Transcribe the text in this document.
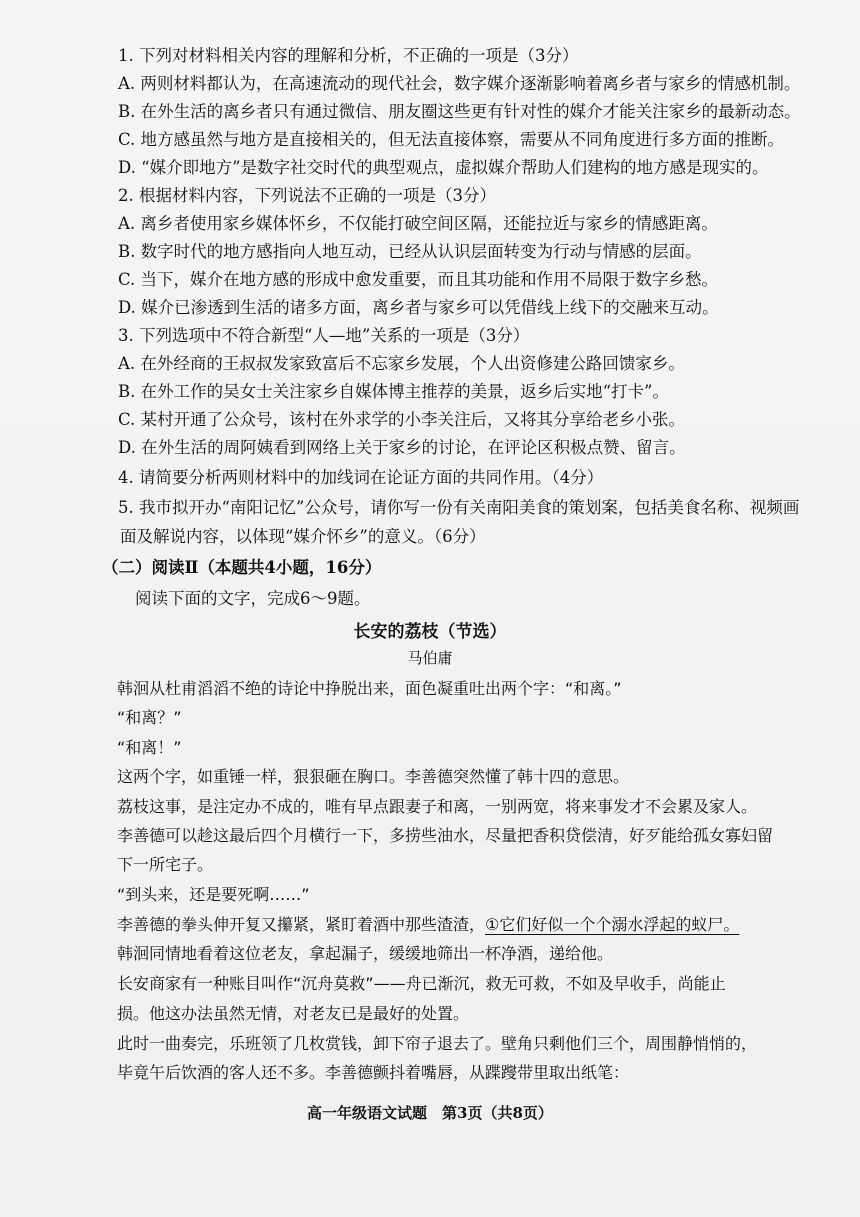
1. 下列对材料相关内容的理解和分析，不正确的一项是（3分）
A. 两则材料都认为，在高速流动的现代社会，数字媒介逐渐影响着离乡者与家乡的情感机制。
B. 在外生活的离乡者只有通过微信、朋友圈这些更有针对性的媒介才能关注家乡的最新动态。
C. 地方感虽然与地方是直接相关的，但无法直接体察，需要从不同角度进行多方面的推断。
D. “媒介即地方”是数字社交时代的典型观点，虚拟媒介帮助人们建构的地方感是现实的。
2. 根据材料内容，下列说法不正确的一项是（3分）
A. 离乡者使用家乡媒体怀乡，不仅能打破空间区隔，还能拉近与家乡的情感距离。
B. 数字时代的地方感指向人地互动，已经从认识层面转变为行动与情感的层面。
C. 当下，媒介在地方感的形成中愈发重要，而且其功能和作用不局限于数字乡愁。
D. 媒介已渗透到生活的诸多方面，离乡者与家乡可以凭借线上线下的交融来互动。
3. 下列选项中不符合新型“人—地”关系的一项是（3分）
A. 在外经商的王叔叔发家致富后不忘家乡发展，个人出资修建公路回馈家乡。
B. 在外工作的吴女士关注家乡自媒体博主推荐的美景，返乡后实地“打卡”。
C. 某村开通了公众号，该村在外求学的小李关注后，又将其分享给老乡小张。
D. 在外生活的周阿姨看到网络上关于家乡的讨论，在评论区积极点赞、留言。
4. 请简要分析两则材料中的加线词在论证方面的共同作用。（4分）
5. 我市拟开办“南阳记忆”公众号，请你写一份有关南阳美食的策划案，包括美食名称、视频画
面及解说内容，以体现“媒介怀乡”的意义。（6分）
（二）阅读Ⅱ（本题共4小题，16分）
阅读下面的文字，完成6～9题。
长安的荔枝（节选）
马伯庸
韩洄从杜甫滔滔不绝的诗论中挣脱出来，面色凝重吐出两个字：“和离。”
“和离？”
“和离！”
这两个字，如重锤一样，狠狠砸在胸口。李善德突然懂了韩十四的意思。
荔枝这事，是注定办不成的，唯有早点跟妻子和离，一别两宽，将来事发才不会累及家人。
李善德可以趁这最后四个月横行一下，多捞些油水，尽量把香积贷偿清，好歹能给孤女寡妇留
下一所宅子。
“到头来，还是要死啊……”
李善德的拳头伸开复又攥紧，紧盯着酒中那些渣渣，①它们好似一个个溺水浮起的蚁尸。
韩洄同情地看着这位老友，拿起漏子，缓缓地筛出一杯净酒，递给他。
长安商家有一种账目叫作“沉舟莫救”——舟已渐沉，救无可救，不如及早收手，尚能止
损。他这办法虽然无情，对老友已是最好的处置。
此时一曲奏完，乐班领了几枚赏钱，卸下帘子退去了。壁角只剩他们三个，周围静悄悄的，
毕竟午后饮酒的客人还不多。李善德颤抖着嘴唇，从蹀躞带里取出纸笔：
高一年级语文试题　第3页（共8页）
